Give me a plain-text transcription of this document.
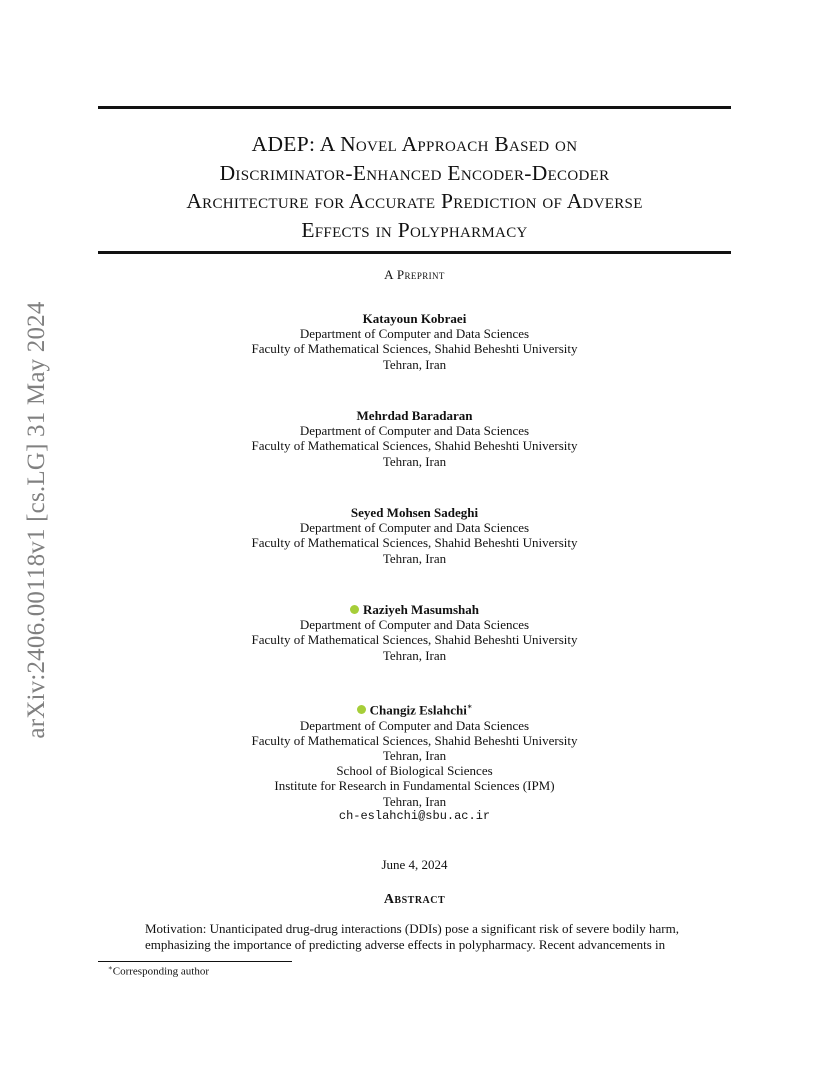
arXiv:2406.00118v1 [cs.LG] 31 May 2024
ADEP: A Novel Approach Based on
Discriminator-Enhanced Encoder-Decoder
Architecture for Accurate Prediction of Adverse
Effects in Polypharmacy
A Preprint
Katayoun Kobraei
Department of Computer and Data Sciences
Faculty of Mathematical Sciences, Shahid Beheshti University
Tehran, Iran
Mehrdad Baradaran
Department of Computer and Data Sciences
Faculty of Mathematical Sciences, Shahid Beheshti University
Tehran, Iran
Seyed Mohsen Sadeghi
Department of Computer and Data Sciences
Faculty of Mathematical Sciences, Shahid Beheshti University
Tehran, Iran
Raziyeh Masumshah
Department of Computer and Data Sciences
Faculty of Mathematical Sciences, Shahid Beheshti University
Tehran, Iran
Changiz Eslahchi∗
Department of Computer and Data Sciences
Faculty of Mathematical Sciences, Shahid Beheshti University
Tehran, Iran
School of Biological Sciences
Institute for Research in Fundamental Sciences (IPM)
Tehran, Iran
ch-eslahchi@sbu.ac.ir
June 4, 2024
Abstract
Motivation: Unanticipated drug-drug interactions (DDIs) pose a significant risk of severe bodily harm,
emphasizing the importance of predicting adverse effects in polypharmacy. Recent advancements in
∗Corresponding author
